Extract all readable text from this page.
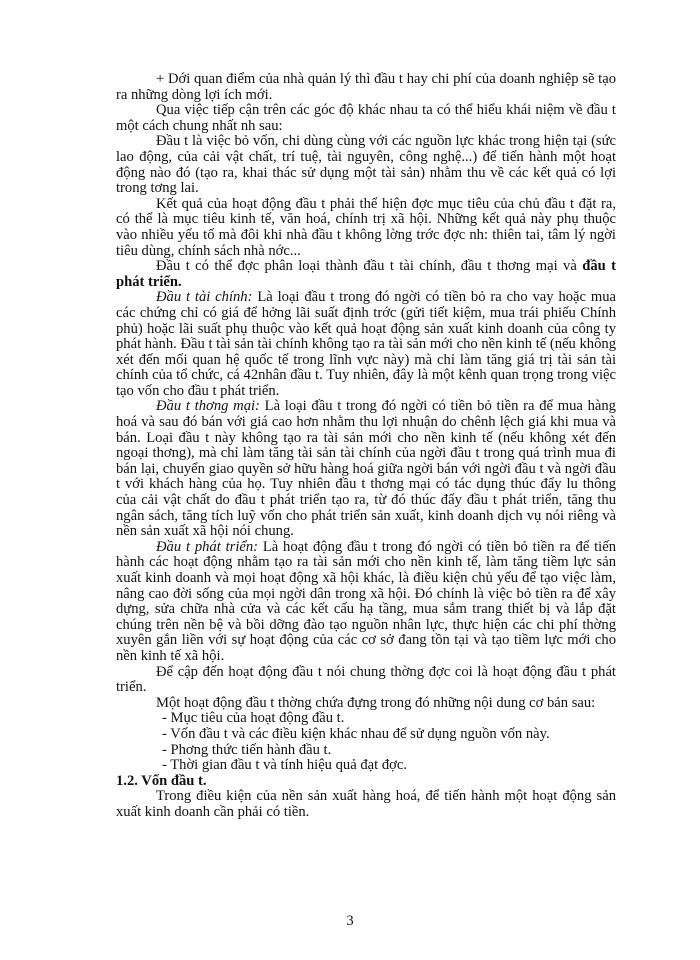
+ Dới quan điểm của nhà quản lý thì đầu t hay chi phí của doanh nghiệp sẽ tạo ra những dòng lợi ích mới.

Qua việc tiếp cận trên các góc độ khác nhau ta có thể hiểu khái niệm về đầu t một cách chung nhất nh sau:

Đầu t là việc bỏ vốn, chi dùng cùng với các nguồn lực khác trong hiện tại (sức lao động, của cải vật chất, trí tuệ, tài nguyên, công nghệ...) để tiến hành một hoạt động nào đó (tạo ra, khai thác sử dụng một tài sản) nhằm thu về các kết quả có lợi trong tơng lai.

Kết quả của hoạt động đầu t phải thể hiện đợc mục tiêu của chủ đầu t đặt ra, có thể là mục tiêu kinh tế, văn hoá, chính trị xã hội. Những kết quả này phụ thuộc vào nhiều yếu tố mà đôi khi nhà đầu t không lờng trớc đợc nh: thiên tai, tâm lý ngời tiêu dùng, chính sách nhà nớc...

Đầu t có thể đợc phân loại thành đầu t tài chính, đầu t thơng mại và đầu t phát triển.

Đầu t tài chính: Là loại đầu t trong đó ngời có tiền bỏ ra cho vay hoặc mua các chứng chỉ có giá để hởng lãi suất định trớc (gửi tiết kiệm, mua trái phiếu Chính phủ) hoặc lãi suất phụ thuộc vào kết quả hoạt động sản xuất kinh doanh của công ty phát hành. Đầu t tài sản tài chính không tạo ra tài sản mới cho nền kinh tế (nếu không xét đến mối quan hệ quốc tế trong lĩnh vực này) mà chỉ làm tăng giá trị tài sản tài chính của tổ chức, cá 42nhân đầu t. Tuy nhiên, đây là một kênh quan trọng trong việc tạo vốn cho đầu t phát triển.

Đầu t thơng mại: Là loại đầu t trong đó ngời có tiền bỏ tiền ra để mua hàng hoá và sau đó bán với giá cao hơn nhằm thu lợi nhuận do chênh lệch giá khi mua và bán. Loại đầu t này không tạo ra tài sản mới cho nền kinh tế (nếu không xét đến ngoại thơng), mà chỉ làm tăng tài sản tài chính của ngời đầu t trong quá trình mua đi bán lại, chuyển giao quyền sở hữu hàng hoá giữa ngời bán với ngời đầu t và ngời đầu t với khách hàng của họ. Tuy nhiên đầu t thơng mại có tác dụng thúc đẩy lu thông của cải vật chất do đầu t phát triển tạo ra, từ đó thúc đẩy đầu t phát triển, tăng thu ngân sách, tăng tích luỹ vốn cho phát triển sản xuất, kinh doanh dịch vụ nói riêng và nền sản xuất xã hội nói chung.

Đầu t phát triển: Là hoạt động đầu t trong đó ngời có tiền bỏ tiền ra để tiến hành các hoạt động nhằm tạo ra tài sản mới cho nền kinh tế, làm tăng tiềm lực sản xuất kinh doanh và mọi hoạt động xã hội khác, là điều kiện chủ yếu để tạo việc làm, nâng cao đời sống của mọi ngời dân trong xã hội. Đó chính là việc bỏ tiền ra để xây dựng, sửa chữa nhà cửa và các kết cấu hạ tầng, mua sắm trang thiết bị và lắp đặt chúng trên nền bệ và bồi dỡng đào tạo nguồn nhân lực, thực hiện các chi phí thờng xuyên gắn liền với sự hoạt động của các cơ sở đang tồn tại và tạo tiềm lực mới cho nền kinh tế xã hội.

Để cập đến hoạt động đầu t nói chung thờng đợc coi là hoạt động đầu t phát triển.

Một hoạt động đầu t thờng chứa đựng trong đó những nội dung cơ bản sau:

- Mục tiêu của hoạt động đầu t.
- Vốn đầu t và các điều kiện khác nhau để sử dụng nguồn vốn này.
- Phơng thức tiến hành đầu t.
- Thời gian đầu t và tính hiệu quả đạt đợc.

1.2. Vốn đầu t.

Trong điều kiện của nền sản xuất hàng hoá, để tiến hành một hoạt động sản xuất kinh doanh cần phải có tiền.

3
